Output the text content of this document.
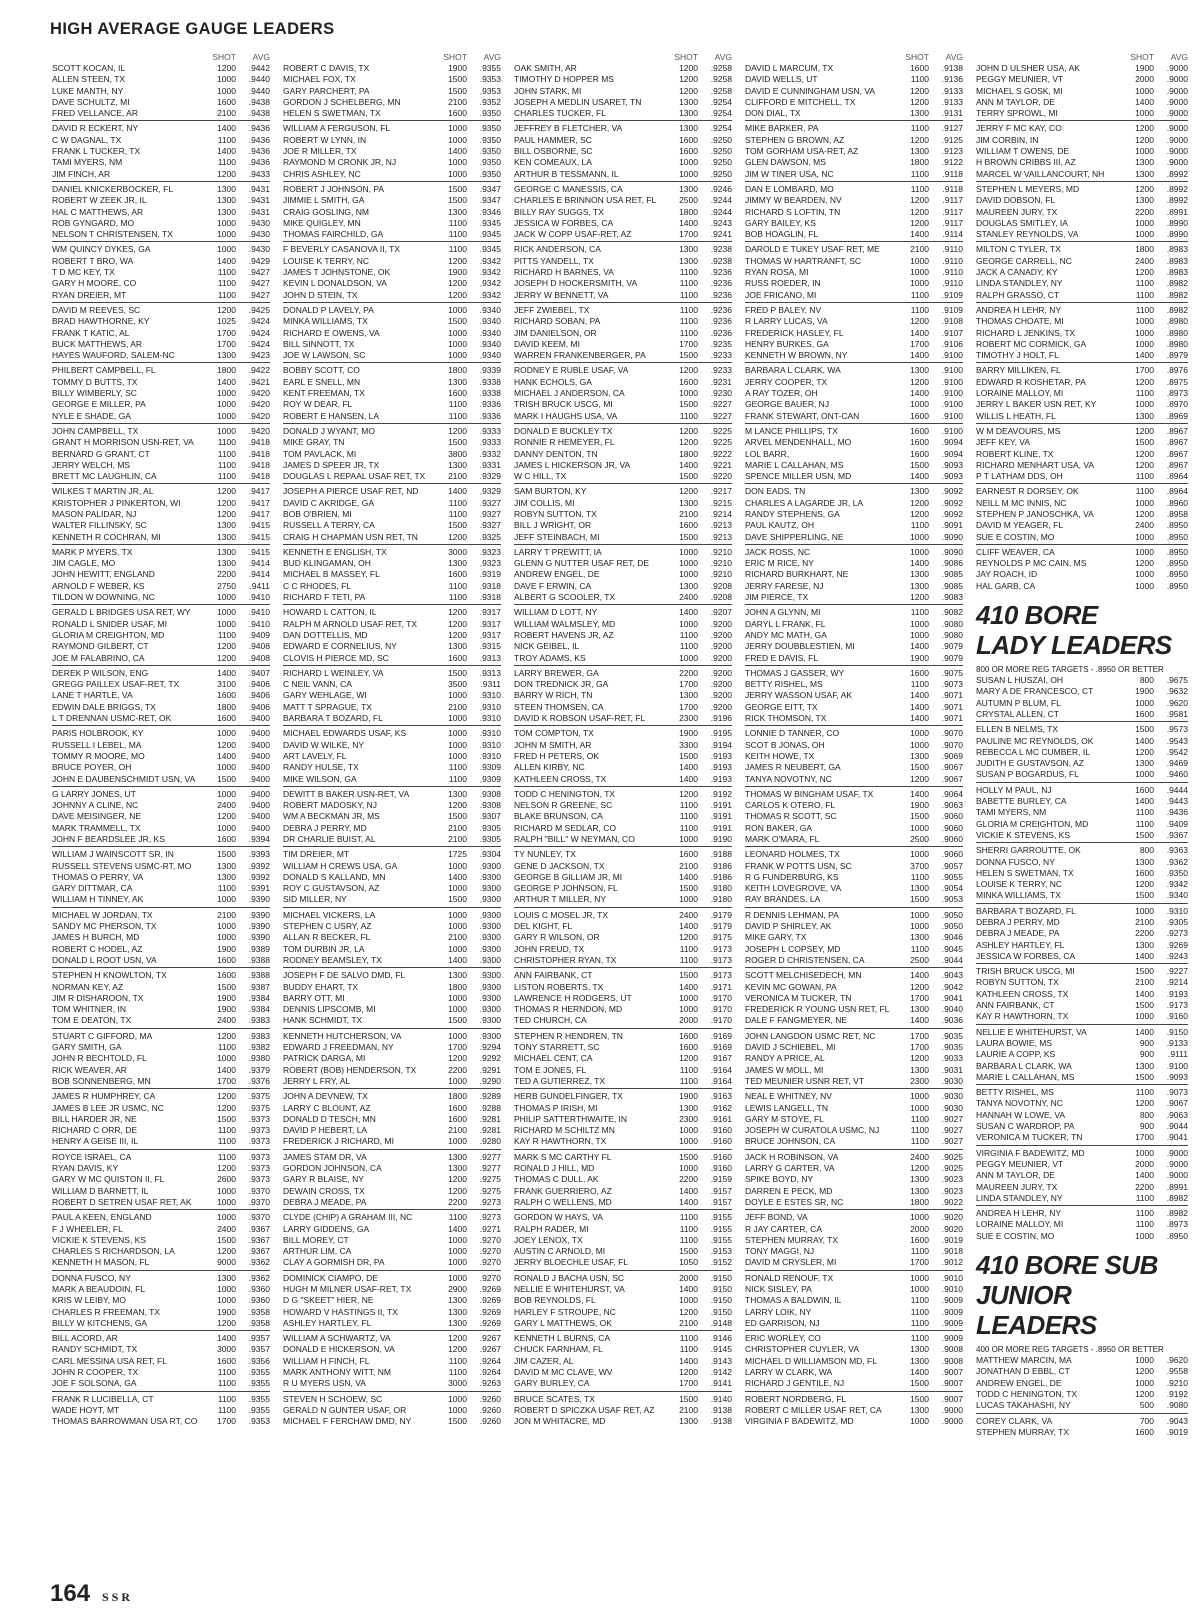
HIGH AVERAGE GAUGE LEADERS
SHOT	AVG
SCOTT KOCAN, IL	1200	.9442
ALLEN STEEN, TX	1000	.9440
LUKE MANTH, NY	1000	.9440
DAVE SCHULTZ, MI	1600	.9438
FRED VELLANCE, AR	2100	.9438
DAVID R ECKERT, NY	1400	.9436
C W DAGNAL, TX	1100	.9436
FRANK L TUCKER, TX	1400	.9436
TAMI MYERS, NM	1100	.9436
JIM FINCH, AR	1200	.9433
DANIEL KNICKERBOCKER, FL	1300	.9431
ROBERT W ZEEK JR, IL	1300	.9431
HAL C MATTHEWS, AR	1300	.9431
ROB GYNGARD, MO	1000	.9430
NELSON T CHRISTENSEN, TX	1000	.9430
WM QUINCY DYKES, GA	1000	.9430
ROBERT T BRO, WA	1400	.9429
T D MC KEY, TX	1100	.9427
GARY H MOORE, CO	1100	.9427
RYAN DREIER, MT	1100	.9427
DAVID M REEVES, SC	1200	.9425
BRAD HAWTHORNE, KY	1025	.9424
FRANK T KATIC, AL	1700	.9424
BUCK MATTHEWS, AR	1700	.9424
HAYES WAUFORD, SALEM-NC	1300	.9423
PHILBERT CAMPBELL, FL	1800	.9422
TOMMY D BUTTS, TX	1400	.9421
BILLY WIMBERLY, SC	1000	.9420
GEORGE E MILLER, PA	1000	.9420
NYLE E SHADE, GA	1000	.9420
JOHN CAMPBELL, TX	1000	.9420
GRANT H MORRISON USN-RET, VA	1100	.9418
BERNARD G GRANT, CT	1100	.9418
JERRY WELCH, MS	1100	.9418
BRETT MC LAUGHLIN, CA	1100	.9418
WILKES T MARTIN JR, AL	1200	.9417
KRISTOPHER J PINKERTON, WI	1200	.9417
MASON PALIDAR, NJ	1200	.9417
WALTER FILLINSKY, SC	1300	.9415
KENNETH R COCHRAN, MI	1300	.9415
MARK P MYERS, TX	1300	.9415
JIM CAGLE, MO	1300	.9414
JOHN HEWITT, ENGLAND	2200	.9414
ARNOLD F WEBER, KS	2750	.9411
TILDON W DOWNING, NC	1000	.9410
GERALD L BRIDGES USA RET, WY	1000	.9410
RONALD L SNIDER USAF, MI	1000	.9410
GLORIA M CREIGHTON, MD	1100	.9409
RAYMOND GILBERT, CT	1200	.9408
JOE M FALABRINO, CA	1200	.9408
DEREK P WILSON, ENG	1400	.9407
GREGG PAILLEX USAF-RET, TX	3100	.9406
LANE T HARTLE, VA	1600	.9406
EDWIN DALE BRIGGS, TX	1800	.9406
L T DRENNAN USMC-RET, OK	1600	.9400
PARIS HOLBROOK, KY	1000	.9400
RUSSELL I LEBEL, MA	1200	.9400
TOMMY R MOORE, MO	1400	.9400
BRUCE POYER, OH	1000	.9400
JOHN E DAUBENSCHMIDT USN, VA	1500	.9400
G LARRY JONES, UT	1000	.9400
JOHNNY A CLINE, NC	2400	.9400
DAVE MEISINGER, NE	1200	.9400
MARK TRAMMELL, TX	1000	.9400
JOHN F BEARDSLEE JR, KS	1600	.9394
WILLIAM J WAINSCOTT SR, IN	1500	.9393
RUSSELL STEVENS USMC-RT, MO	1300	.9392
THOMAS O PERRY, VA	1300	.9392
GARY DITTMAR, CA	1100	.9391
WILLIAM H TINNEY, AK	1000	.9390
MICHAEL W JORDAN, TX	2100	.9390
SANDY MC PHERSON, TX	1000	.9390
JAMES H BURCH, MD	1000	.9390
ROBERT C HODEL, AZ	1900	.9389
DONALD L ROOT USN, VA	1600	.9388
STEPHEN H KNOWLTON, TX	1600	.9388
NORMAN KEY, AZ	1500	.9387
JIM R DISHAROON, TX	1900	.9384
TOM WHITNER, IN	1900	.9384
TOM E DEATON, TX	2400	.9383
STUART C GIFFORD, MA	1200	.9383
GARY SMITH, GA	1100	.9382
JOHN R BECHTOLD, FL	1000	.9380
RICK WEAVER, AR	1400	.9379
BOB SONNENBERG, MN	1700	.9376
JAMES R HUMPHREY, CA	1200	.9375
JAMES B LEE JR USMC, NC	1200	.9375
BILL HARDER JR, NE	1500	.9373
RICHARD C ORR, DE	1100	.9373
HENRY A GEISE III, IL	1100	.9373
ROYCE ISRAEL, CA	1100	.9373
RYAN DAVIS, KY	1200	.9373
GARY W MC QUISTON II, FL	2600	.9373
WILLIAM D BARNETT, IL	1000	.9370
ROBERT D SETREN USAF RET, AK	1000	.9370
PAUL A KEEN, ENGLAND	1000	.9370
F J WHEELER, FL	2400	.9367
VICKIE K STEVENS, KS	1500	.9367
CHARLES S RICHARDSON, LA	1200	.9367
KENNETH H MASON, FL	9000	.9362
DONNA FUSCO, NY	1300	.9362
MARK A BEAUDOIN, FL	1000	.9360
KRIS W LEIBY, MO	1000	.9360
CHARLES R FREEMAN, TX	1900	.9358
BILLY W KITCHENS, GA	1200	.9358
BILL ACORD, AR	1400	.9357
RANDY SCHMIDT, TX	3000	.9357
CARL MESSINA USA RET, FL	1600	.9356
JOHN R COOPER, TX	1100	.9355
JOE F SOLSONA, GA	1100	.9355
FRANK R LUCIBELLA, CT	1100	.9355
WADE HOYT, MT	1100	.9355
THOMAS BARROWMAN USA RT, CO	1700	.9353
SHOT	AVG
ROBERT C DAVIS, TX	1900	.9355
MICHAEL FOX, TX	1500	.9353
GARY PARCHERT, PA	1500	.9353
GORDON J SCHELBERG, MN	2100	.9352
HELEN S SWETMAN, TX	1600	.9350
WILLIAM A FERGUSON, FL	1000	.9350
ROBERT W LYNN, IN	1000	.9350
JOE R MILLER, TX	1400	.9350
RAYMOND M CRONK JR, NJ	1000	.9350
CHRIS ASHLEY, NC	1000	.9350
ROBERT J JOHNSON, PA	1500	.9347
JIMMIE L SMITH, GA	1500	.9347
CRAIG GOSLING, NM	1300	.9346
MIKE QUIGLEY, MN	1100	.9345
THOMAS FAIRCHILD, GA	1100	.9345
F BEVERLY CASANOVA II, TX	1100	.9345
LOUISE K TERRY, NC	1200	.9342
JAMES T JOHNSTONE, OK	1900	.9342
KEVIN L DONALDSON, VA	1200	.9342
JOHN D STEIN, TX	1200	.9342
DONALD P LAVELY, PA	1000	.9340
MINKA WILLIAMS, TX	1500	.9340
RICHARD E OWENS, VA	1000	.9340
BILL SINNOTT, TX	1000	.9340
JOE W LAWSON, SC	1000	.9340
BOBBY SCOTT, CO	1800	.9339
EARL E SNELL, MN	1300	.9338
KENT FREEMAN, TX	1600	.9338
ROY W DEAR, FL	1100	.9336
ROBERT E HANSEN, LA	1100	.9336
DONALD J WYANT, MO	1200	.9333
MIKE GRAY, TN	1500	.9333
TOM PAVLACK, MI	3800	.9332
JAMES D SPEER JR, TX	1300	.9331
DOUGLAS L REPAAL USAF RET, TX	2100	.9329
JOSEPH A PIERCE USAF RET, ND	1400	.9329
DAVID C AKRIDGE, GA	1100	.9327
BOB O'BRIEN, MI	1100	.9327
RUSSELL A TERRY, CA	1500	.9327
CRAIG H CHAPMAN USN RET, TN	1200	.9325
KENNETH E ENGLISH, TX	3000	.9323
BUD KLINGAMAN, OH	1300	.9323
MICHAEL B MASSEY, FL	1600	.9319
C C RHODES, FL	1100	.9318
RICHARD F TETI, PA	1100	.9318
HOWARD L CATTON, IL	1200	.9317
RALPH M ARNOLD USAF RET, TX	1200	.9317
DAN DOTTELLIS, MD	1200	.9317
EDWARD E CORNELIUS, NY	1300	.9315
CLOVIS H PIERCE MD, SC	1600	.9313
RICHARD L WEINLEY, VA	1500	.9313
C NEIL VANN, CA	3500	.9311
GARY WEHLAGE, WI	1000	.9310
MATT T SPRAGUE, TX	2100	.9310
BARBARA T BOZARD, FL	1000	.9310
MICHAEL EDWARDS USAF, KS	1000	.9310
DAVID W WILKE, NY	1000	.9310
ART LAVELY, FL	1000	.9310
RANDY HULSE, TX	1100	.9309
MIKE WILSON, GA	1100	.9309
DEWITT B BAKER USN-RET, VA	1300	.9308
ROBERT MADOSKY, NJ	1200	.9308
WM A BECKMAN JR, MS	1500	.9307
DEBRA J PERRY, MD	2100	.9305
DR CHARLIE BUIST, AL	2100	.9305
TIM DREIER, MT	1725	.9304
WILLIAM H CREWS USA, GA	1000	.9300
DONALD S KALLAND, MN	1400	.9300
ROY C GUSTAVSON, AZ	1000	.9300
SID MILLER, NY	1500	.9300
MICHAEL VICKERS, LA	1000	.9300
STEPHEN C USRY, AZ	1000	.9300
ALLAN R BECKER, FL	2100	.9300
TOM DURBIN JR, LA	1000	.9300
RODNEY BEAMSLEY, TX	1400	.9300
JOSEPH F DE SALVO DMD, FL	1300	.9300
BUDDY EHART, TX	1800	.9300
BARRY OTT, MI	1000	.9300
DENNIS LIPSCOMB, MI	1000	.9300
HANK SCHMIDT, TX	1500	.9300
KENNETH HUTCHERSON, VA	1000	.9300
EDWARD J FREEDMAN, NY	1700	.9294
PATRICK DARGA, MI	1200	.9292
ROBERT (BOB) HENDERSON, TX	2200	.9291
JERRY L FRY, AL	1000	.9290
JOHN A DEVNEW, TX	1800	.9289
LARRY C BLOUNT, AZ	1600	.9288
DONALD D TESCH, MN	1600	.9281
DAVID P HEBERT, LA	2100	.9281
FREDERICK J RICHARD, MI	1000	.9280
JAMES STAM DR, VA	1300	.9277
GORDON JOHNSON, CA	1300	.9277
GARY R BLAISE, NY	1200	.9275
DEWAIN CROSS, TX	1200	.9275
DEBRA J MEADE, PA	2200	.9273
CLYDE (CHIP) A GRAHAM III, NC	1100	.9273
LARRY GIDDENS, GA	1400	.9271
BILL MOREY, CT	1000	.9270
ARTHUR LIM, CA	1000	.9270
CLAY A GORMISH DR, PA	1000	.9270
DOMINICK CIAMPO, DE	1000	.9270
HUGH M MILNER USAF-RET, TX	2900	.9269
D G "SKEET" HIER, NE	1300	.9269
HOWARD V HASTINGS II, TX	1300	.9269
ASHLEY HARTLEY, FL	1300	.9269
WILLIAM A SCHWARTZ, VA	1200	.9267
DONALD E HICKERSON, VA	1200	.9267
WILLIAM H FINCH, FL	1100	.9264
MARK ANTHONY WITT, NM	1100	.9264
R U MYERS USN, VA	3000	.9263
STEVEN H SCHOEW, SC	1000	.9260
GERALD N GUNTER USAF, OR	1000	.9260
MICHAEL F FERCHAW DMD, NY	1500	.9260
SHOT	AVG
OAK SMITH, AR	1200	.9258
TIMOTHY D HOPPER MS	1200	.9258
JOHN STARK, MI	1200	.9258
JOSEPH A MEDLIN USARET, TN	1300	.9254
CHARLES TUCKER, FL	1300	.9254
JEFFREY B FLETCHER, VA	1300	.9254
PAUL HAMMER, SC	1600	.9250
BILL OSBORNE, SC	1600	.9250
KEN COMEAUX, LA	1000	.9250
ARTHUR B TESSMANN, IL	1000	.9250
GEORGE C MANESSIS, CA	1300	.9246
CHARLES E BRINNON USA RET, FL	2500	.9244
BILLY RAY SUGGS, TX	1800	.9244
JESSICA W FORBES, CA	1400	.9243
JACK W COPP USAF-RET, AZ	1700	.9241
RICK ANDERSON, CA	1300	.9238
PITTS YANDELL, TX	1300	.9238
RICHARD H BARNES, VA	1100	.9236
JOSEPH D HOCKERSMITH, VA	1100	.9236
JERRY W BENNETT, VA	1100	.9236
JEFF ZWIEBEL, TX	1100	.9236
RICHARD SOBAN, PA	1100	.9236
JIM DANIELSON, OR	1100	.9236
DAVID KEEM, MI	1700	.9235
WARREN FRANKENBERGER, PA	1500	.9233
RODNEY E RUBLE USAF, VA	1200	.9233
HANK ECHOLS, GA	1600	.9231
MICHAEL J ANDERSON, CA	1000	.9230
TRISH BRUCK USCG, MI	1500	.9227
MARK I HAUGHS USA, VA	1100	.9227
DONALD E BUCKLEY TX	1200	.9225
RONNIE R HEMEYER, FL	1200	.9225
DANNY DENTON, TN	1800	.9222
JAMES L HICKERSON JR, VA	1400	.9221
W C HILL, TX	1500	.9220
SAM BURTON, KY	1200	.9217
JIM COLLIS, MI	1300	.9215
ROBYN SUTTON, TX	2100	.9214
BILL J WRIGHT, OR	1600	.9213
JEFF STEINBACH, MI	1500	.9213
LARRY T PREWITT, IA	1000	.9210
GLENN G NUTTER USAF RET, DE	1000	.9210
ANDREW ENGEL, DE	1000	.9210
DAVE F ERWIN, CA	1300	.9208
ALBERT G SCOOLER, TX	2400	.9208
WILLIAM D LOTT, NY	1400	.9207
WILLIAM WALMSLEY, MD	1000	.9200
ROBERT HAVENS JR, AZ	1100	.9200
NICK GEIBEL, IL	1100	.9200
TROY ADAMS, KS	1000	.9200
LARRY BREWER, GA	2200	.9200
DON TREDNICK JR, GA	1700	.9200
BARRY W RICH, TN	1300	.9200
STEEN THOMSEN, CA	1700	.9200
DAVID K ROBSON USAF-RET, FL	2300	.9196
TOM COMPTON, TX	1900	.9195
JOHN M SMITH, AR	3300	.9194
FRED H PETERS, OK	1500	.9193
ALLEN KIRBY, NC	1400	.9193
KATHLEEN CROSS, TX	1400	.9193
TODD C HENINGTON, TX	1200	.9192
NELSON R GREENE, SC	1100	.9191
BLAKE BRUNSON, CA	1100	.9191
RICHARD M SEDLAR, CO	1100	.9191
RALPH "BILL" W NEYMAN, CO	1000	.9190
TY NUNLEY, TX	1600	.9188
GENE D JACKSON, TX	2100	.9186
GEORGE B GILLIAM JR, MI	1400	.9186
GEORGE P JOHNSON, FL	1500	.9180
ARTHUR T MILLER, NY	1000	.9180
LOUIS C MOSEL JR, TX	2400	.9179
DEL KIGHT, FL	1400	.9179
GARY R WILSON, OR	1200	.9175
JOHN FREUD, TX	1100	.9173
CHRISTOPHER RYAN, TX	1100	.9173
ANN FAIRBANK, CT	1500	.9173
LISTON ROBERTS, TX	1400	.9171
LAWRENCE H RODGERS, UT	1000	.9170
THOMAS R HERNDON, MD	1000	.9170
TED CHURCH, CA	2000	.9170
STEPHEN R HENDREN, TN	1600	.9169
TONY STARRETT, SC	1600	.9169
MICHAEL CENT, CA	1200	.9167
TOM E JONES, FL	1100	.9164
TED A GUTIERREZ, TX	1100	.9164
HERB GUNDELFINGER, TX	1900	.9163
THOMAS P IRISH, MI	1300	.9162
PHILIP SATTERTHWAITE, IN	2300	.9161
RICHARD M SCHILTZ MN	1000	.9160
KAY R HAWTHORN, TX	1000	.9160
MARK S MC CARTHY FL	1500	.9160
RONALD J HILL, MD	1000	.9160
THOMAS C DULL, AK	2200	.9159
FRANK GUERRIERO, AZ	1400	.9157
RALPH C WELLENS, MD	1400	.9157
GORDON W HAYS, VA	1100	.9155
RALPH RADER, MI	1100	.9155
JOEY LENOX, TX	1100	.9155
AUSTIN C ARNOLD, MI	1500	.9153
JERRY BLOECHLE USAF, FL	1050	.9152
RONALD J BACHA USN, SC	2000	.9150
NELLIE E WHITEHURST, VA	1400	.9150
BOB REYNOLDS, FL	1000	.9150
HARLEY F STROUPE, NC	1200	.9150
GARY L MATTHEWS, OK	2100	.9148
KENNETH L BURNS, CA	1100	.9146
CHUCK FARNHAM, FL	1100	.9145
JIM CAZER, AL	1400	.9143
DAVID M MC CLAVE, WV	1200	.9142
GARY BURLEY, CA	1700	.9141
BRUCE SCATES, TX	1500	.9140
ROBERT D SPICZKA USAF RET, AZ	2100	.9138
JON M WHITACRE, MD	1300	.9138
SHOT	AVG
DAVID L MARCUM, TX	1600	.9138
DAVID WELLS, UT	1100	.9136
DAVID E CUNNINGHAM USN, VA	1200	.9133
CLIFFORD E MITCHELL, TX	1200	.9133
DON DIAL, TX	1300	.9131
MIKE BARKER, PA	1100	.9127
STEPHEN G BROWN, AZ	1200	.9125
TOM GORHAM USA-RET, AZ	1300	.9123
GLEN DAWSON, MS	1800	.9122
JIM W TINER USA, NC	1100	.9118
DAN E LOMBARD, MO	1100	.9118
JIMMY W BEARDEN, NV	1200	.9117
RICHARD S LOFTIN, TN	1200	.9117
GARY BAILEY, KS	1200	.9117
BOB HOAGLIN, FL	1400	.9114
DAROLD E TUKEY USAF RET, ME	2100	.9110
THOMAS W HARTRANFT, SC	1000	.9110
RYAN ROSA, MI	1000	.9110
RUSS ROEDER, IN	1000	.9110
JOE FRICANO, MI	1100	.9109
FRED P BALEY, NV	1100	.9109
R LARRY LUCAS, VA	1200	.9108
FREDERICK HASLEY, FL	1400	.9107
HENRY BURKES, GA	1700	.9106
KENNETH W BROWN, NY	1400	.9100
BARBARA L CLARK, WA	1300	.9100
JERRY COOPER, TX	1200	.9100
A RAY TOZER, OH	1400	.9100
GEORGE BAUER, NJ	1000	.9100
FRANK STEWART, ONT-CAN	1600	.9100
M LANCE PHILLIPS, TX	1600	.9100
ARVEL MENDENHALL, MO	1600	.9094
LOL BARR,	1600	.9094
MARIE L CALLAHAN, MS	1500	.9093
SPENCE MILLER USN, MD	1400	.9093
DON EADS, TN	1300	.9092
CHARLES A LAGARDE JR, LA	1200	.9092
RANDY STEPHENS, GA	1200	.9092
PAUL KAUTZ, OH	1100	.9091
DAVE SHIPPERLING, NE	1000	.9090
JACK ROSS, NC	1000	.9090
ERIC M RICE, NY	1400	.9086
RICHARD BURKHART, NE	1300	.9085
JERRY FARESE, NJ	1300	.9085
JIM PIERCE, TX	1200	.9083
JOHN A GLYNN, MI	1100	.9082
DARYL L FRANK, FL	1000	.9080
ANDY MC MATH, GA	1000	.9080
JERRY DOUBBLESTIEN, MI	1400	.9079
FRED E DAVIS, FL	1900	.9079
THOMAS J GASSER, WY	1600	.9075
BETTY RISHEL, MS	1100	.9073
JERRY WASSON USAF, AK	1400	.9071
GEORGE EITT, TX	1400	.9071
RICK THOMSON, TX	1400	.9071
LONNIE D TANNER, CO	1000	.9070
SCOT B JONAS, OH	1000	.9070
KEITH HOWE, TX	1300	.9069
JAMES R NEUBERT, GA	1500	.9067
TANYA NOVOTNY, NC	1200	.9067
THOMAS W BINGHAM USAF, TX	1400	.9064
CARLOS K OTERO, FL	1900	.9063
THOMAS R SCOTT, SC	1500	.9060
RON BAKER, GA	1000	.9060
MARK O'MARA, FL	2500	.9060
LEONARD HOLMES, TX	1000	.9060
FRANK W POTTS USN, SC	3700	.9057
R G FUNDERBURG, KS	1100	.9055
KEITH LOVEGROVE, VA	1300	.9054
RAY BRANDES, LA	1500	.9053
R DENNIS LEHMAN, PA	1000	.9050
DAVID P SHIRLEY, AK	1000	.9050
MIKE GARY, TX	1300	.9046
JOSEPH L COPSEY, MD	1100	.9045
ROGER D CHRISTENSEN, CA	2500	.9044
SCOTT MELCHISEDECH, MN	1400	.9043
KEVIN MC GOWAN, PA	1200	.9042
VERONICA M TUCKER, TN	1700	.9041
FREDERICK R YOUNG USN RET, FL	1300	.9040
DALE F FANGMEYER, NE	1400	.9036
JOHN LANGDON USMC RET, NC	1700	.9035
DAVID J SCHIEBEL, MI	1700	.9035
RANDY A PRICE, AL	1200	.9033
JAMES W MOLL, MI	1300	.9031
TED MEUNIER USNR RET, VT	2300	.9030
NEAL E WHITNEY, NV	1000	.9030
LEWIS LANGELL, TN	1000	.9030
GARY M STOYE, FL	1100	.9027
JOSEPH W CURATOLA USMC, NJ	1100	.9027
BRUCE JOHNSON, CA	1100	.9027
JACK H ROBINSON, VA	2400	.9025
LARRY G CARTER, VA	1200	.9025
SPIKE BOYD, NY	1300	.9023
DARREN E PECK, MD	1300	.9023
DOYLE E ESTES SR, NC	1800	.9022
JEFF BOND, VA	1000	.9020
R JAY CARTER, CA	2000	.9020
STEPHEN MURRAY, TX	1600	.9019
TONY MAGGI, NJ	1100	.9018
DAVID M CRYSLER, MI	1700	.9012
RONALD RENOUF, TX	1000	.9010
NICK SISLEY, PA	1000	.9010
THOMAS A BALDWIN, IL	1100	.9009
LARRY LOIK, NY	1100	.9009
ED GARRISON, NJ	1100	.9009
ERIC WORLEY, CO	1100	.9009
CHRISTOPHER CUYLER, VA	1300	.9008
MICHAEL D WILLIAMSON MD, FL	1300	.9008
LARRY W CLARK, WA	1400	.9007
RICHARD J GENTILE, NJ	1500	.9007
ROBERT NORDBERG, FL	1500	.9007
ROBERT C MILLER USAF RET, CA	1300	.9000
VIRGINIA F BADEWITZ, MD	1000	.9000
SHOT	AVG
JOHN D ULSHER USA, AK	1900	.9000
PEGGY MEUNIER, VT	2000	.9000
MICHAEL S GOSK, MI	1000	.9000
ANN M TAYLOR, DE	1400	.9000
TERRY SPROWL, MI	1000	.9000
JERRY F MC KAY, CO	1200	.9000
JIM CORBIN, IN	1200	.9000
WILLIAM T OWENS, DE	1000	.9000
H BROWN CRIBBS III, AZ	1300	.9000
MARCEL W VAILLANCOURT, NH	1300	.8992
STEPHEN L MEYERS, MD	1200	.8992
DAVID DOBSON, FL	1300	.8992
MAUREEN JURY, TX	2200	.8991
DOUGLAS SMITLEY, IA	1000	.8990
STANLEY REYNOLDS, VA	1000	.8990
MILTON C TYLER, TX	1800	.8983
GEORGE CARRELL, NC	2400	.8983
JACK A CANADY, KY	1200	.8983
LINDA STANDLEY, NY	1100	.8982
RALPH GRASSO, CT	1100	.8982
ANDREA H LEHR, NY	1100	.8982
THOMAS CHOATE, MI	1000	.8980
RICHARD L JENKINS, TX	1000	.8980
ROBERT MC CORMICK, GA	1000	.8980
TIMOTHY J HOLT, FL	1400	.8979
BARRY MILLIKEN, FL	1700	.8976
EDWARD R KOSHETAR, PA	1200	.8975
LORAINE MALLOY, MI	1100	.8973
JERRY L BAKER USN RET, KY	1000	.8970
WILLIS L HEATH, FL	1300	.8969
W M DEAVOURS, MS	1200	.8967
JEFF KEY, VA	1500	.8967
ROBERT KLINE, TX	1200	.8967
RICHARD MENHART USA, VA	1200	.8967
P T LATHAM DDS, OH	1100	.8964
EARNEST R DORSEY, OK	1100	.8964
NEILL M MC INNIS, NC	1000	.8960
STEPHEN P JANOSCHKA, VA	1200	.8958
DAVID M YEAGER, FL	2400	.8950
SUE E COSTIN, MO	1000	.8950
CLIFF WEAVER, CA	1000	.8950
REYNOLDS P MC CAIN, MS	1200	.8950
JAY ROACH, ID	1000	.8950
HAL GARB, CA	1000	.8950
410 BORE
LADY LEADERS
800 OR MORE REG TARGETS - .8950 OR BETTER
SUSAN L HUSZAI, OH	800	.9675
MARY A DE FRANCESCO, CT	1900	.9632
AUTUMN P BLUM, FL	1000	.9620
CRYSTAL ALLEN, CT	1600	.9581
ELLEN B NELMS, TX	1500	.9573
PAULINE MC REYNOLDS, OK	1400	.9543
REBECCA L MC CUMBER, IL	1200	.9542
JUDITH E GUSTAVSON, AZ	1300	.9469
SUSAN P BOGARDUS, FL	1000	.9460
HOLLY M PAUL, NJ	1600	.9444
BABETTE BURLEY, CA	1400	.9443
TAMI MYERS, NM	1100	.9436
GLORIA M CREIGHTON, MD	1100	.9409
VICKIE K STEVENS, KS	1500	.9367
SHERRI GARROUTTE, OK	800	.9363
DONNA FUSCO, NY	1300	.9362
HELEN S SWETMAN, TX	1600	.9350
LOUISE K TERRY, NC	1200	.9342
MINKA WILLIAMS, TX	1500	.9340
BARBARA T BOZARD, FL	1000	.9310
DEBRA J PERRY, MD	2100	.9305
DEBRA J MEADE, PA	2200	.9273
ASHLEY HARTLEY, FL	1300	.9269
JESSICA W FORBES, CA	1400	.9243
TRISH BRUCK USCG, MI	1500	.9227
ROBYN SUTTON, TX	2100	.9214
KATHLEEN CROSS, TX	1400	.9193
ANN FAIRBANK, CT	1500	.9173
KAY R HAWTHORN, TX	1000	.9160
NELLIE E WHITEHURST, VA	1400	.9150
LAURA BOWIE, MS	900	.9133
LAURIE A COPP, KS	900	.9111
BARBARA L CLARK, WA	1300	.9100
MARIE L CALLAHAN, MS	1500	.9093
BETTY RISHEL, MS	1100	.9073
TANYA NOVOTNY, NC	1200	.9067
HANNAH W LOWE, VA	800	.9063
SUSAN C WARDROP, PA	900	.9044
VERONICA M TUCKER, TN	1700	.9041
VIRGINIA F BADEWITZ, MD	1000	.9000
PEGGY MEUNIER, VT	2000	.9000
ANN M TAYLOR, DE	1400	.9000
MAUREEN JURY, TX	2200	.8991
LINDA STANDLEY, NY	1100	.8982
ANDREA H LEHR, NY	1100	.8982
LORAINE MALLOY, MI	1100	.8973
SUE E COSTIN, MO	1000	.8950
410 BORE SUB
JUNIOR LEADERS
400 OR MORE REG TARGETS - .8950 OR BETTER
MATTHEW MARCIN, MA	1000	.9620
JONATHAN D EBBL, CT	1200	.9558
ANDREW ENGEL, DE	1000	.9210
TODD C HENINGTON, TX	1200	.9192
LUCAS TAKAHASHI, NY	500	.9080
COREY CLARK, VA	700	.9043
STEPHEN MURRAY, TX	1600	.9019
164 SSR
